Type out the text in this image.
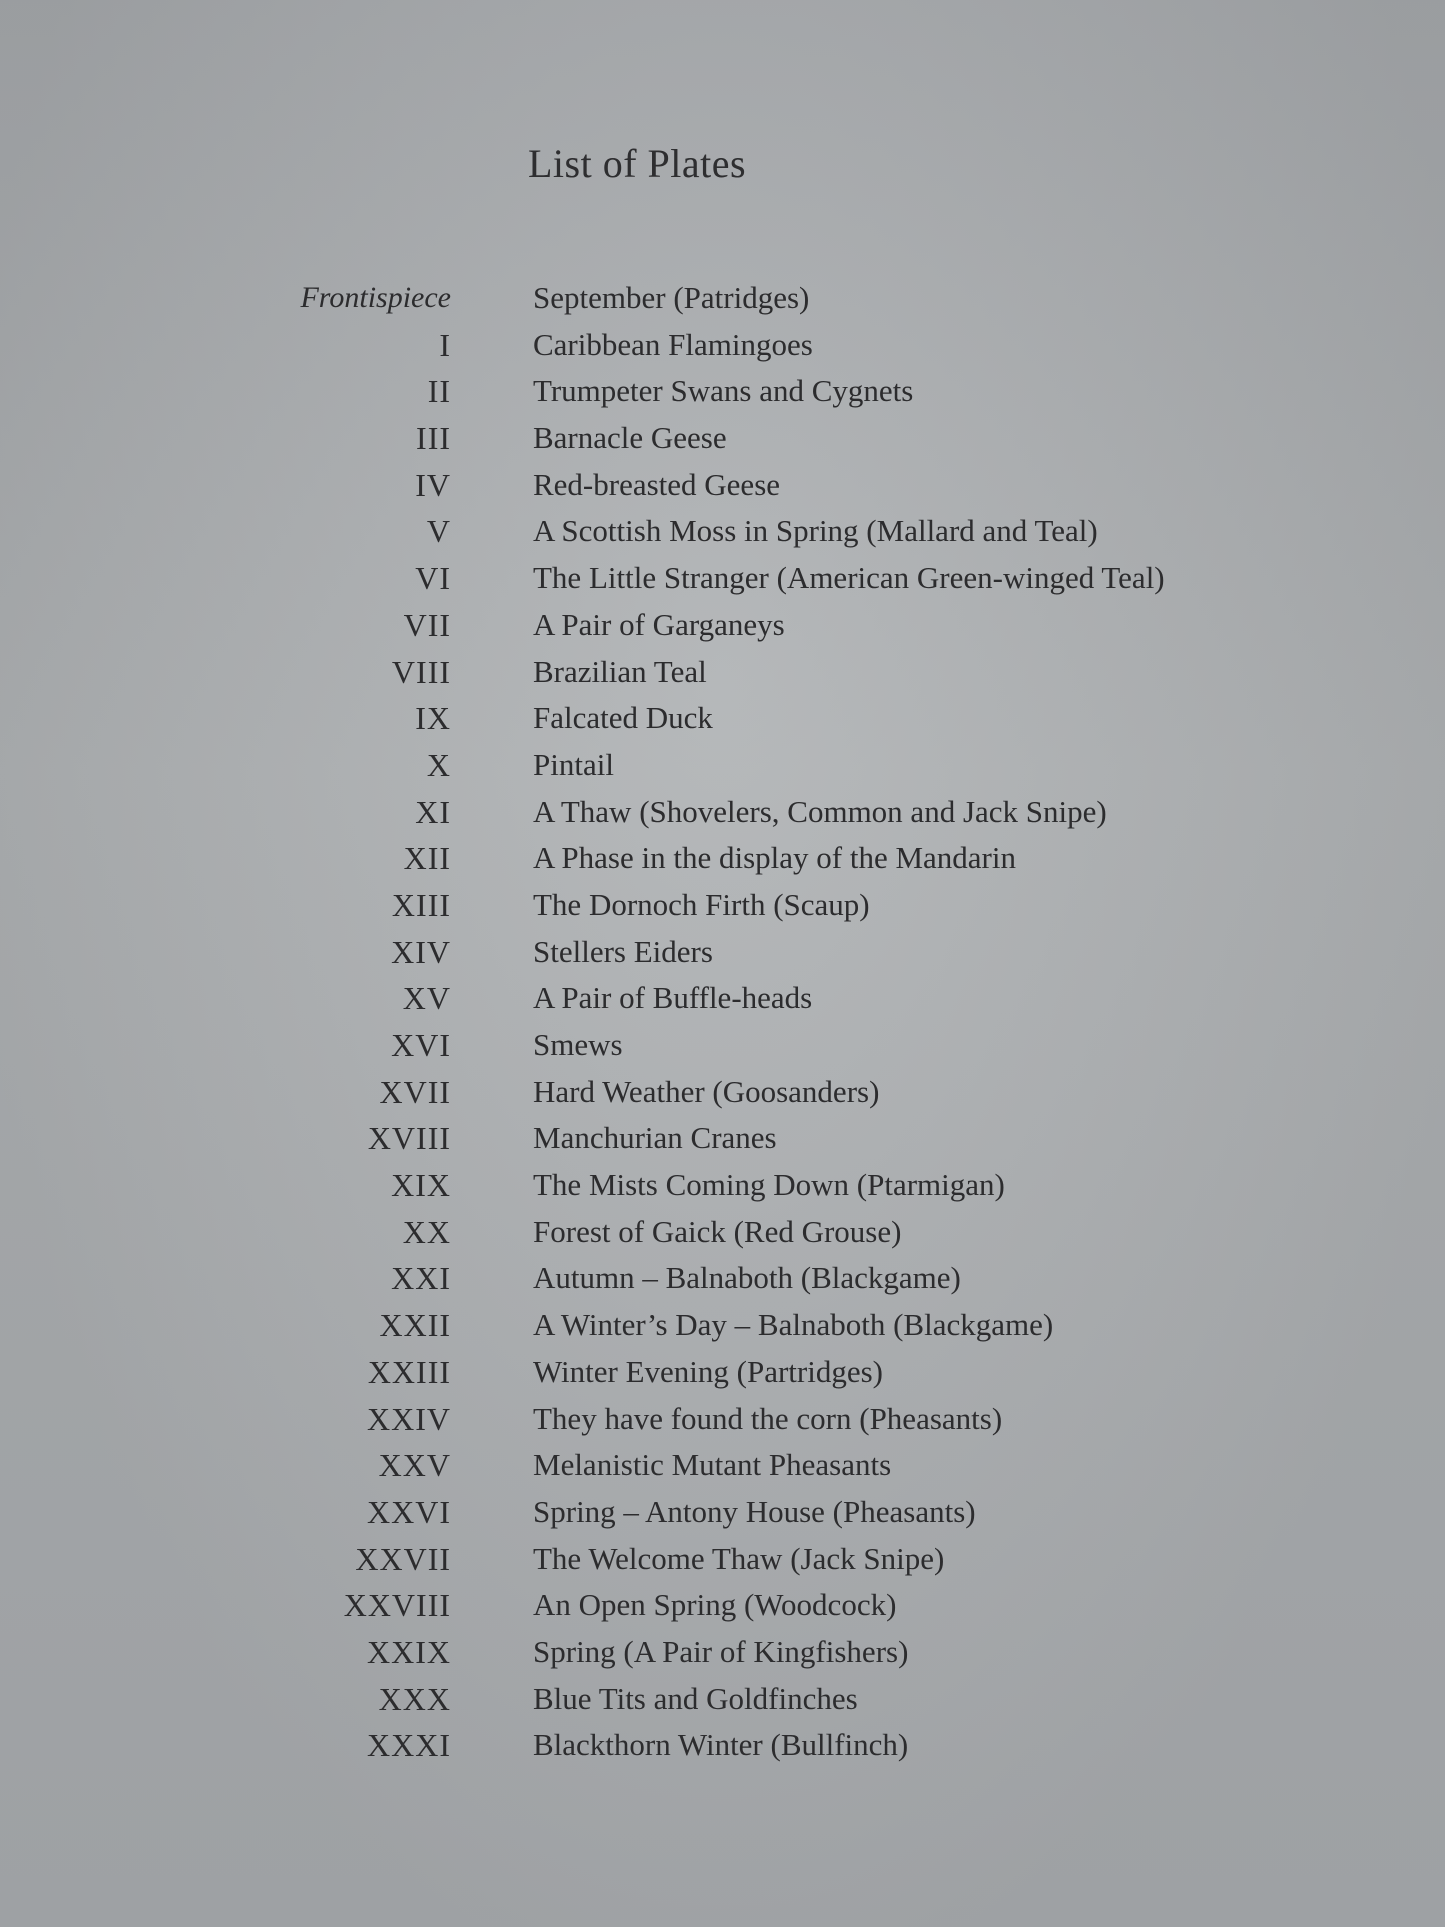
List of Plates
Frontispiece	September (Patridges)
I	Caribbean Flamingoes
II	Trumpeter Swans and Cygnets
III	Barnacle Geese
IV	Red-breasted Geese
V	A Scottish Moss in Spring (Mallard and Teal)
VI	The Little Stranger (American Green-winged Teal)
VII	A Pair of Garganeys
VIII	Brazilian Teal
IX	Falcated Duck
X	Pintail
XI	A Thaw (Shovelers, Common and Jack Snipe)
XII	A Phase in the display of the Mandarin
XIII	The Dornoch Firth (Scaup)
XIV	Stellers Eiders
XV	A Pair of Buffle-heads
XVI	Smews
XVII	Hard Weather (Goosanders)
XVIII	Manchurian Cranes
XIX	The Mists Coming Down (Ptarmigan)
XX	Forest of Gaick (Red Grouse)
XXI	Autumn – Balnaboth (Blackgame)
XXII	A Winter’s Day – Balnaboth (Blackgame)
XXIII	Winter Evening (Partridges)
XXIV	They have found the corn (Pheasants)
XXV	Melanistic Mutant Pheasants
XXVI	Spring – Antony House (Pheasants)
XXVII	The Welcome Thaw (Jack Snipe)
XXVIII	An Open Spring (Woodcock)
XXIX	Spring (A Pair of Kingfishers)
XXX	Blue Tits and Goldfinches
XXXI	Blackthorn Winter (Bullfinch)
